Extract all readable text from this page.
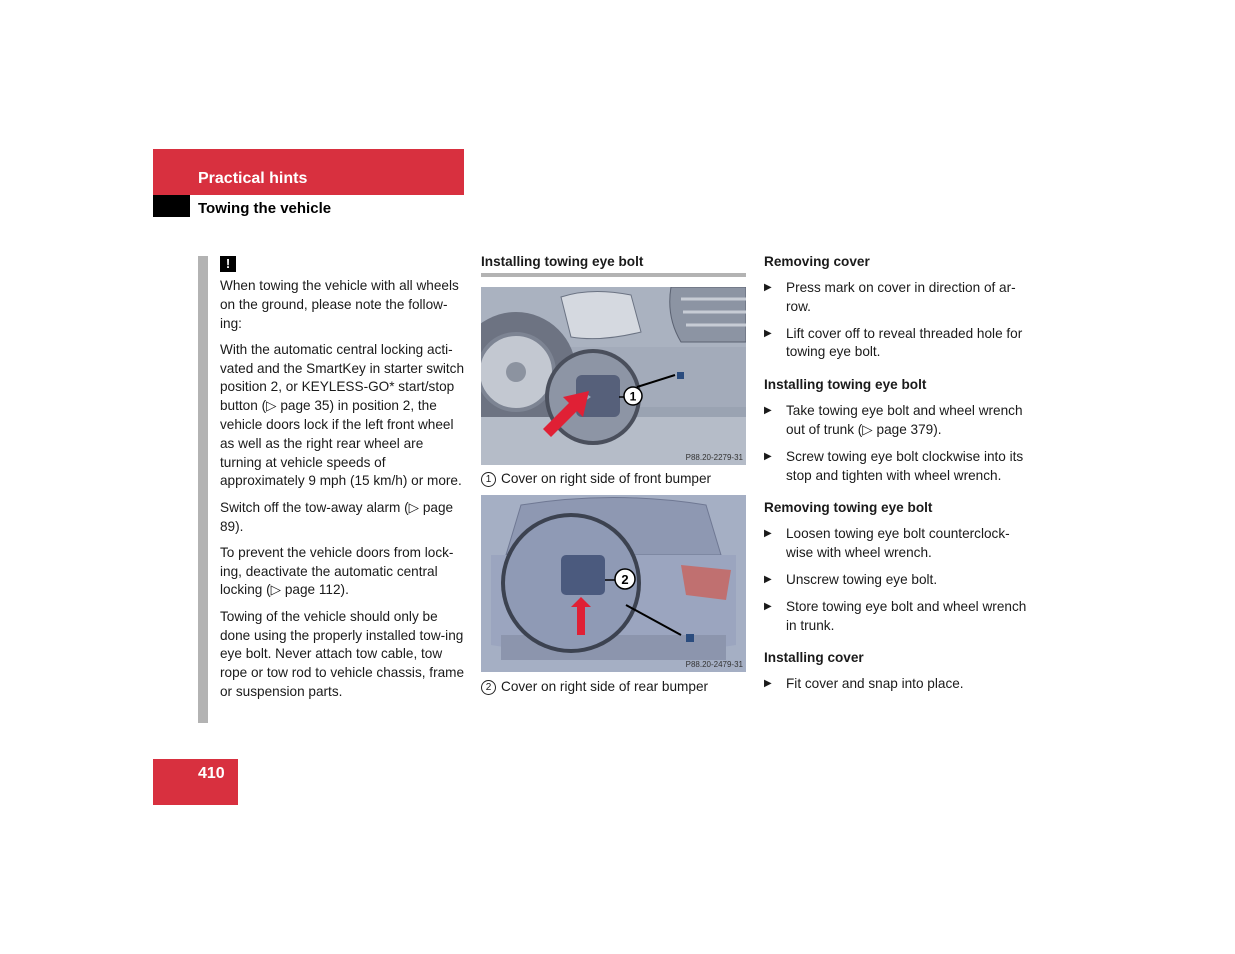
Practical hints
Towing the vehicle
!

When towing the vehicle with all wheels on the ground, please note the follow-ing:

With the automatic central locking acti-vated and the SmartKey in starter switch position 2, or KEYLESS-GO* start/stop button (▷ page 35) in position 2, the vehicle doors lock if the left front wheel as well as the right rear wheel are turning at vehicle speeds of approximately 9 mph (15 km/h) or more.

Switch off the tow-away alarm (▷ page 89).

To prevent the vehicle doors from lock-ing, deactivate the automatic central locking (▷ page 112).

Towing of the vehicle should only be done using the properly installed tow-ing eye bolt. Never attach tow cable, tow rope or tow rod to vehicle chassis, frame or suspension parts.

Installing towing eye bolt
1
P88.20-2279-31
1 Cover on right side of front bumper
2
P88.20-2479-31
2 Cover on right side of rear bumper
Removing cover
▶ Press mark on cover in direction of ar-row.
▶ Lift cover off to reveal threaded hole for towing eye bolt.
Installing towing eye bolt
▶ Take towing eye bolt and wheel wrench out of trunk (▷ page 379).
▶ Screw towing eye bolt clockwise into its stop and tighten with wheel wrench.
Removing towing eye bolt
▶ Loosen towing eye bolt counterclock-wise with wheel wrench.
▶ Unscrew towing eye bolt.
▶ Store towing eye bolt and wheel wrench in trunk.
Installing cover
▶ Fit cover and snap into place.
410
